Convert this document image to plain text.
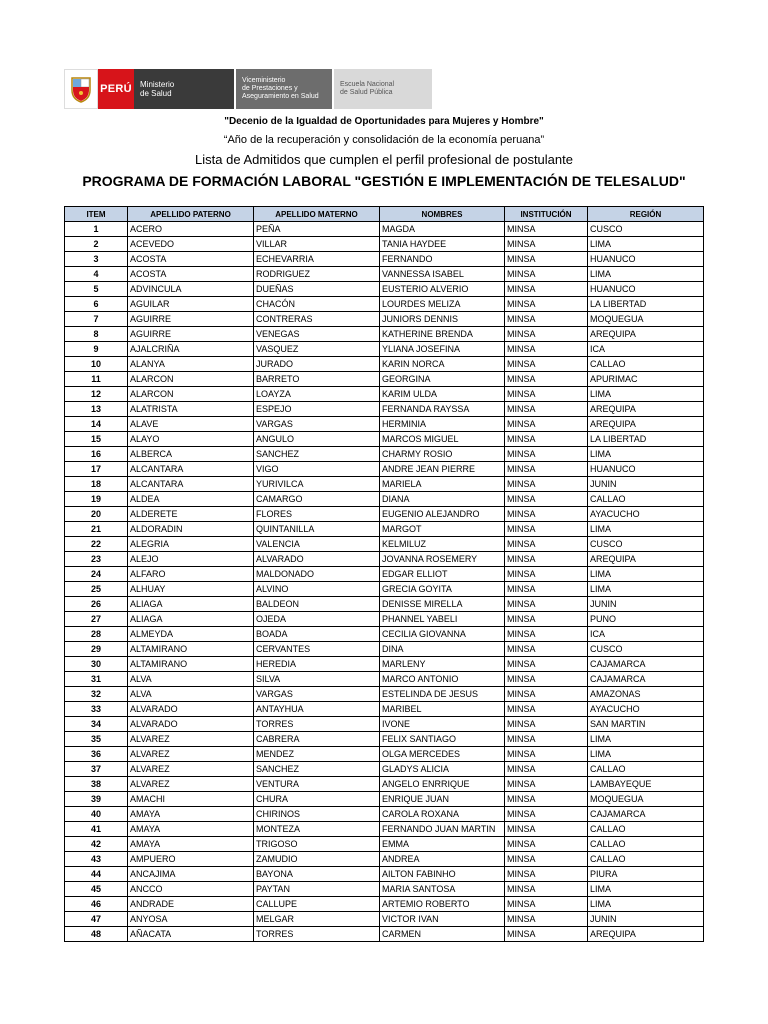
PERÚ Ministerio
de Salud
Viceministerio
de Prestaciones y
Aseguramiento en Salud
Escuela Nacional
de Salud Pública
"Decenio de la Igualdad de Oportunidades para Mujeres y Hombre"
“Año de la recuperación y consolidación de la economía peruana”
Lista de Admitidos que cumplen el perfil profesional de postulante
PROGRAMA DE FORMACIÓN LABORAL "GESTIÓN E IMPLEMENTACIÓN DE TELESALUD"
ITEM	APELLIDO PATERNO	APELLIDO MATERNO	NOMBRES	INSTITUCIÓN	REGIÓN
1	ACERO	PEÑA	MAGDA	MINSA	CUSCO
2	ACEVEDO	VILLAR	TANIA HAYDEE	MINSA	LIMA
3	ACOSTA	ECHEVARRIA	FERNANDO	MINSA	HUANUCO
4	ACOSTA	RODRIGUEZ	VANNESSA ISABEL	MINSA	LIMA
5	ADVINCULA	DUEÑAS	EUSTERIO ALVERIO	MINSA	HUANUCO
6	AGUILAR	CHACÓN	LOURDES MELIZA	MINSA	LA LIBERTAD
7	AGUIRRE	CONTRERAS	JUNIORS DENNIS	MINSA	MOQUEGUA
8	AGUIRRE	VENEGAS	KATHERINE BRENDA	MINSA	AREQUIPA
9	AJALCRIÑA	VASQUEZ	YLIANA JOSEFINA	MINSA	ICA
10	ALANYA	JURADO	KARIN NORCA	MINSA	CALLAO
11	ALARCON	BARRETO	GEORGINA	MINSA	APURIMAC
12	ALARCON	LOAYZA	KARIM ULDA	MINSA	LIMA
13	ALATRISTA	ESPEJO	FERNANDA RAYSSA	MINSA	AREQUIPA
14	ALAVE	VARGAS	HERMINIA	MINSA	AREQUIPA
15	ALAYO	ANGULO	MARCOS MIGUEL	MINSA	LA LIBERTAD
16	ALBERCA	SANCHEZ	CHARMY ROSIO	MINSA	LIMA
17	ALCANTARA	VIGO	ANDRE JEAN PIERRE	MINSA	HUANUCO
18	ALCANTARA	YURIVILCA	MARIELA	MINSA	JUNIN
19	ALDEA	CAMARGO	DIANA	MINSA	CALLAO
20	ALDERETE	FLORES	EUGENIO ALEJANDRO	MINSA	AYACUCHO
21	ALDORADIN	QUINTANILLA	MARGOT	MINSA	LIMA
22	ALEGRIA	VALENCIA	KELMILUZ	MINSA	CUSCO
23	ALEJO	ALVARADO	JOVANNA ROSEMERY	MINSA	AREQUIPA
24	ALFARO	MALDONADO	EDGAR ELLIOT	MINSA	LIMA
25	ALHUAY	ALVINO	GRECIA GOYITA	MINSA	LIMA
26	ALIAGA	BALDEON	DENISSE MIRELLA	MINSA	JUNIN
27	ALIAGA	OJEDA	PHANNEL YABELI	MINSA	PUNO
28	ALMEYDA	BOADA	CECILIA GIOVANNA	MINSA	ICA
29	ALTAMIRANO	CERVANTES	DINA	MINSA	CUSCO
30	ALTAMIRANO	HEREDIA	MARLENY	MINSA	CAJAMARCA
31	ALVA	SILVA	MARCO ANTONIO	MINSA	CAJAMARCA
32	ALVA	VARGAS	ESTELINDA DE JESUS	MINSA	AMAZONAS
33	ALVARADO	ANTAYHUA	MARIBEL	MINSA	AYACUCHO
34	ALVARADO	TORRES	IVONE	MINSA	SAN MARTIN
35	ALVAREZ	CABRERA	FELIX SANTIAGO	MINSA	LIMA
36	ALVAREZ	MENDEZ	OLGA MERCEDES	MINSA	LIMA
37	ALVAREZ	SANCHEZ	GLADYS ALICIA	MINSA	CALLAO
38	ALVAREZ	VENTURA	ANGELO ENRRIQUE	MINSA	LAMBAYEQUE
39	AMACHI	CHURA	ENRIQUE JUAN	MINSA	MOQUEGUA
40	AMAYA	CHIRINOS	CAROLA ROXANA	MINSA	CAJAMARCA
41	AMAYA	MONTEZA	FERNANDO JUAN MARTIN	MINSA	CALLAO
42	AMAYA	TRIGOSO	EMMA	MINSA	CALLAO
43	AMPUERO	ZAMUDIO	ANDREA	MINSA	CALLAO
44	ANCAJIMA	BAYONA	AILTON FABINHO	MINSA	PIURA
45	ANCCO	PAYTAN	MARIA SANTOSA	MINSA	LIMA
46	ANDRADE	CALLUPE	ARTEMIO ROBERTO	MINSA	LIMA
47	ANYOSA	MELGAR	VICTOR IVAN	MINSA	JUNIN
48	AÑACATA	TORRES	CARMEN	MINSA	AREQUIPA
